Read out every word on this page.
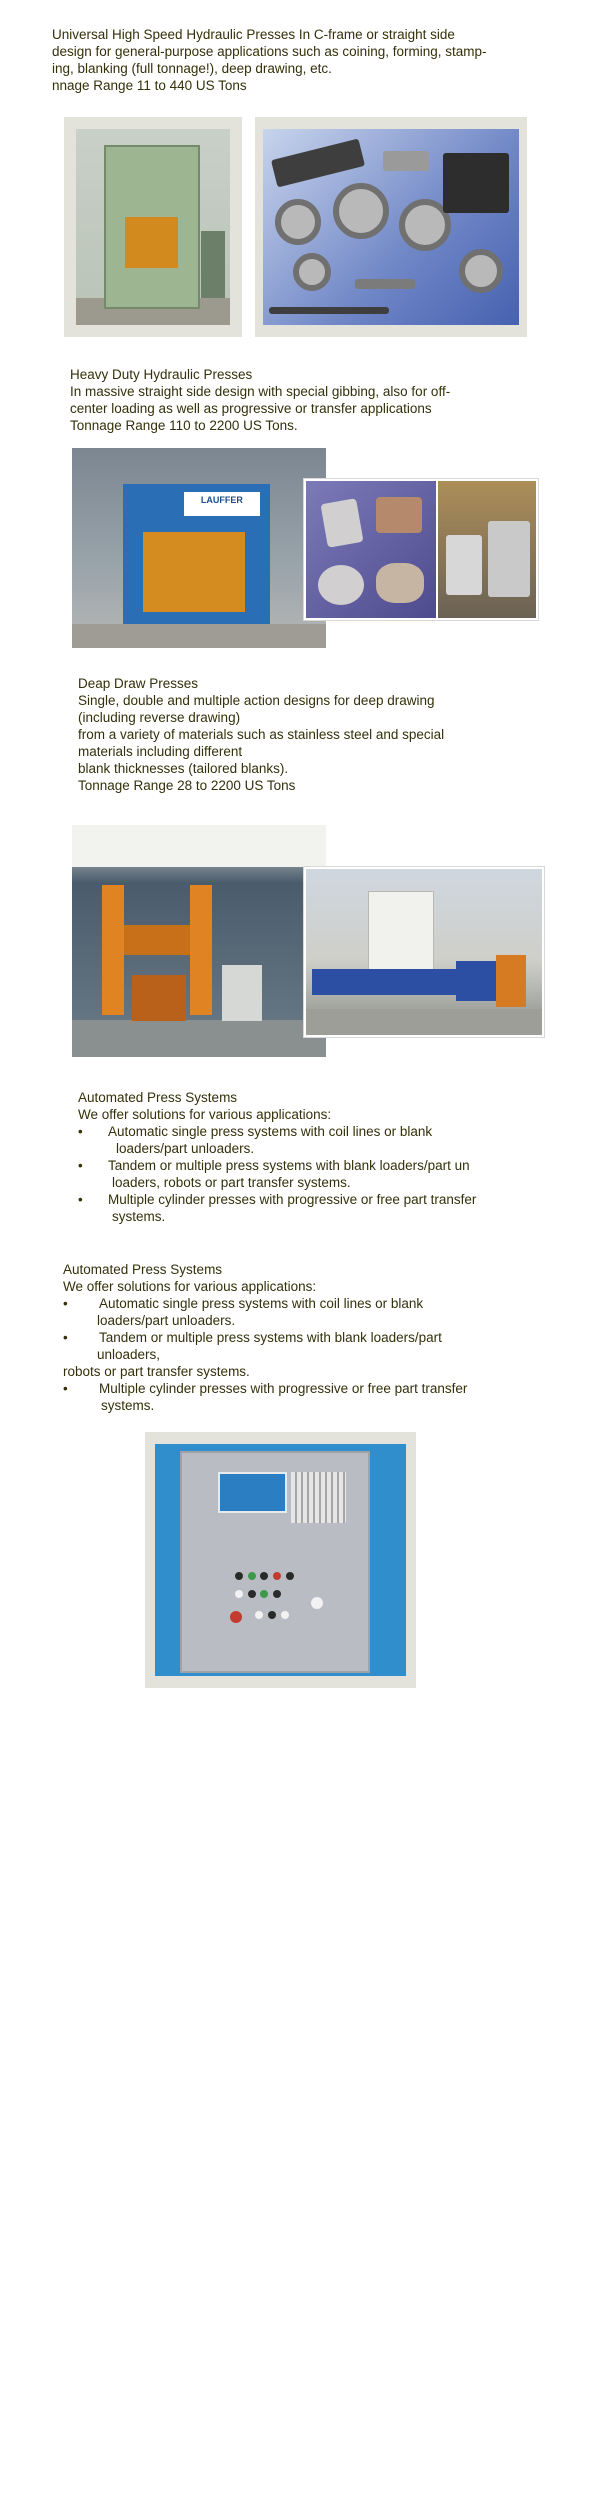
Universal High Speed Hydraulic Presses In C-frame or straight side

design for general-purpose applications such as coining, forming, stamp-

ing, blanking (full tonnage!), deep drawing, etc.

nnage Range 11 to 440 US Tons

Heavy Duty Hydraulic Presses

In massive straight side design with special gibbing, also for off-

center loading as well as progressive or transfer applications

Tonnage Range 110 to 2200 US Tons.

LAUFFER

Deap Draw Presses

Single, double and multiple action designs for deep drawing

(including reverse drawing)

from a variety of materials such as stainless steel and special

materials including different

blank thicknesses (tailored blanks).

Tonnage Range 28 to 2200 US Tons

Automated Press Systems

We offer solutions for various applications:

•	Automatic single press systems with coil lines or blank

loaders/part unloaders.

•	Tandem or multiple press systems with blank loaders/part un

loaders, robots or part transfer systems.

•	Multiple cylinder presses with progressive or free part transfer

systems.

Automated Press Systems

We offer solutions for various applications:

•	Automatic single press systems with coil lines or blank

loaders/part unloaders.

•	Tandem or multiple press systems with blank loaders/part

unloaders,

robots or part transfer systems.

•	Multiple cylinder presses with progressive or free part transfer

systems.
